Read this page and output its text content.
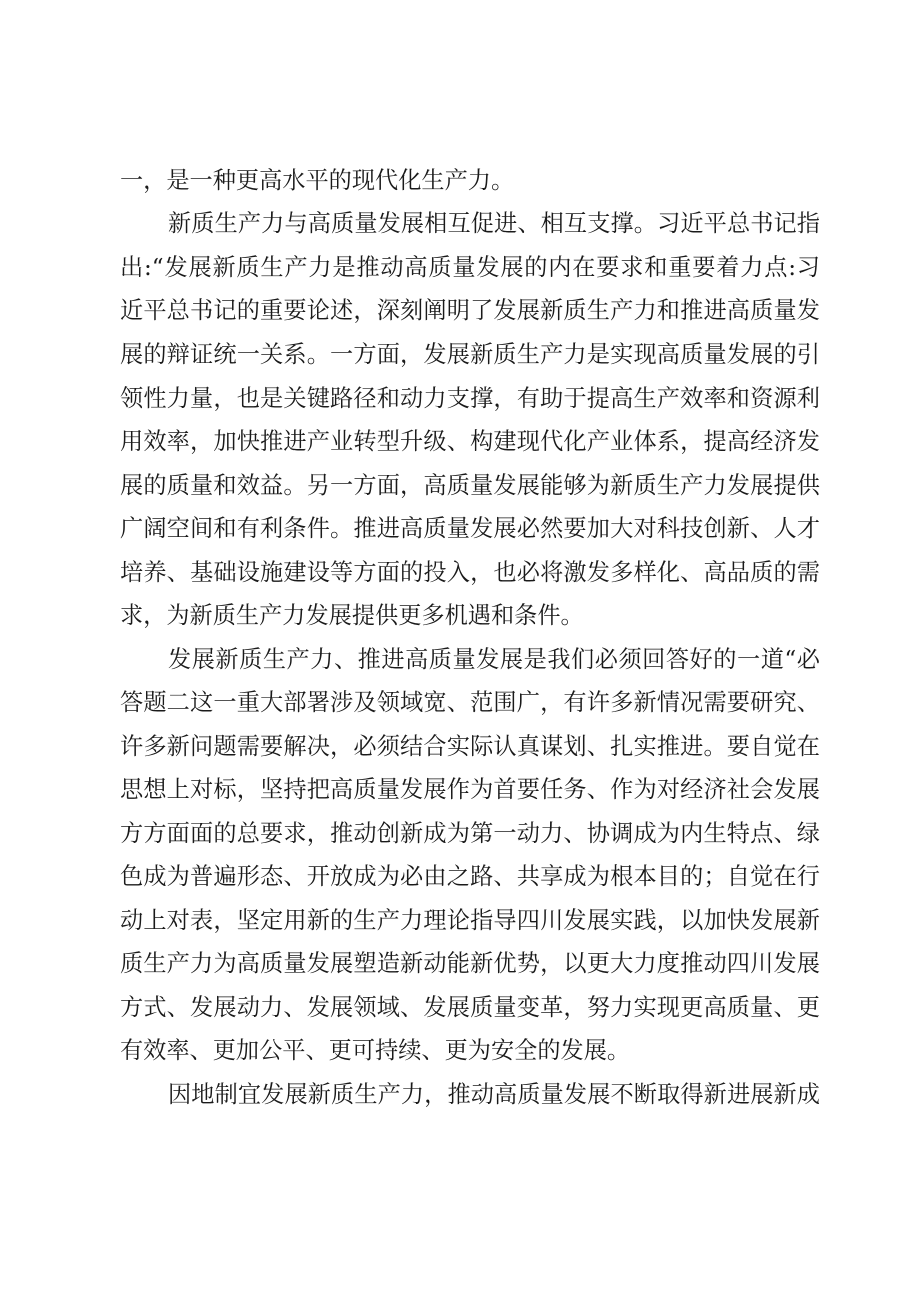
一，是一种更高水平的现代化生产力。
新质生产力与高质量发展相互促进、相互支撑。习近平总书记指
出:“发展新质生产力是推动高质量发展的内在要求和重要着力点:习
近平总书记的重要论述，深刻阐明了发展新质生产力和推进高质量发
展的辩证统一关系。一方面，发展新质生产力是实现高质量发展的引
领性力量，也是关键路径和动力支撑，有助于提高生产效率和资源利
用效率，加快推进产业转型升级、构建现代化产业体系，提高经济发
展的质量和效益。另一方面，高质量发展能够为新质生产力发展提供
广阔空间和有利条件。推进高质量发展必然要加大对科技创新、人才
培养、基础设施建设等方面的投入，也必将激发多样化、高品质的需
求，为新质生产力发展提供更多机遇和条件。
发展新质生产力、推进高质量发展是我们必须回答好的一道“必
答题二这一重大部署涉及领域宽、范围广，有许多新情况需要研究、
许多新问题需要解决，必须结合实际认真谋划、扎实推进。要自觉在
思想上对标，坚持把高质量发展作为首要任务、作为对经济社会发展
方方面面的总要求，推动创新成为第一动力、协调成为内生特点、绿
色成为普遍形态、开放成为必由之路、共享成为根本目的；自觉在行
动上对表，坚定用新的生产力理论指导四川发展实践，以加快发展新
质生产力为高质量发展塑造新动能新优势，以更大力度推动四川发展
方式、发展动力、发展领域、发展质量变革，努力实现更高质量、更
有效率、更加公平、更可持续、更为安全的发展。
因地制宜发展新质生产力，推动高质量发展不断取得新进展新成
